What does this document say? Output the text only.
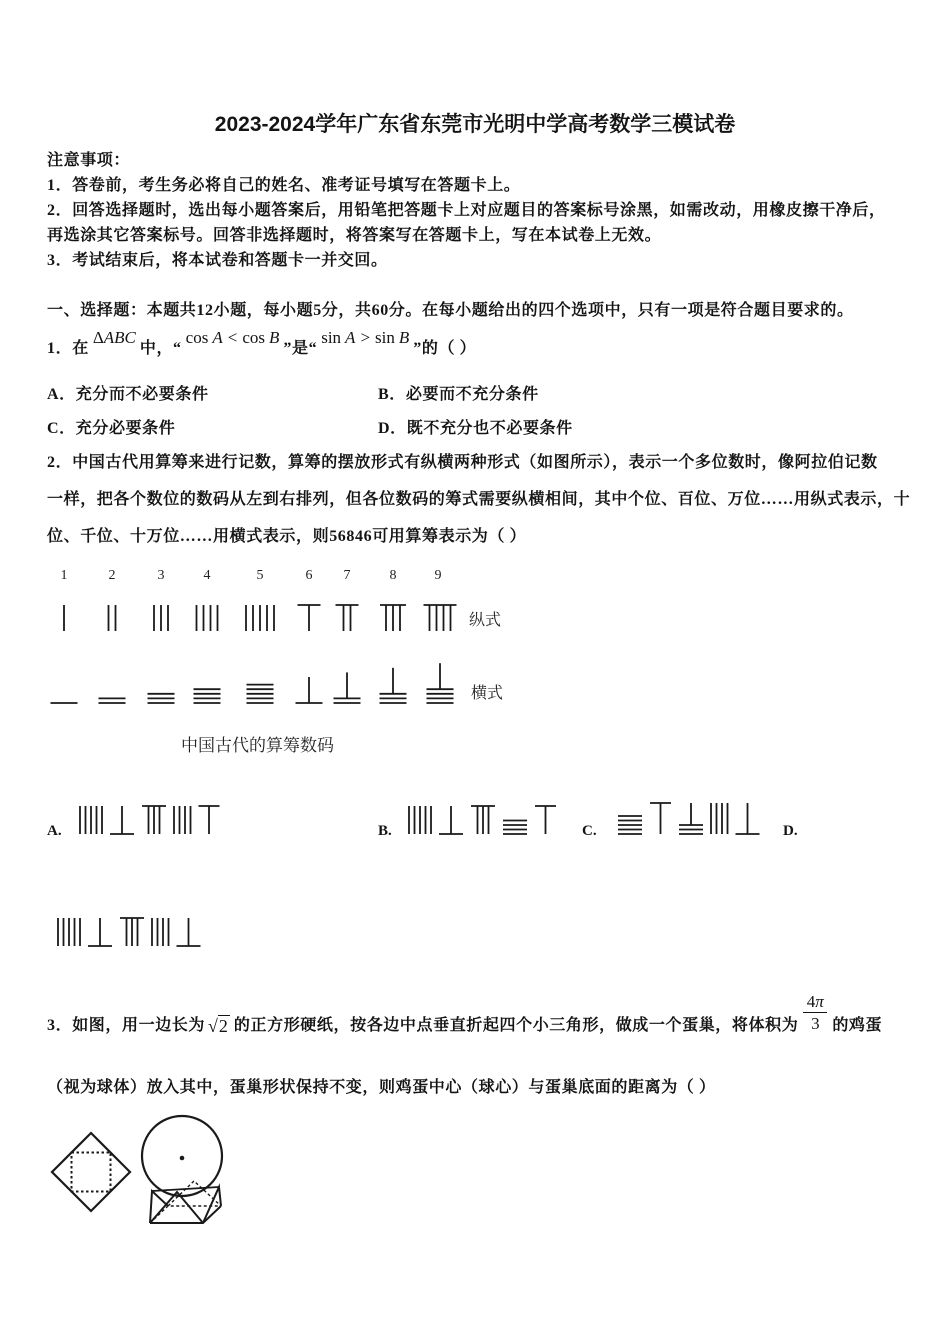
2023-2024学年广东省东莞市光明中学高考数学三模试卷
注意事项：
1．答卷前，考生务必将自己的姓名、准考证号填写在答题卡上。
2．回答选择题时，选出每小题答案后，用铅笔把答题卡上对应题目的答案标号涂黑，如需改动，用橡皮擦干净后，
再选涂其它答案标号。回答非选择题时，将答案写在答题卡上，写在本试卷上无效。
3．考试结束后，将本试卷和答题卡一并交回。
一、选择题：本题共12小题，每小题5分，共60分。在每小题给出的四个选项中，只有一项是符合题目要求的。
1．在ΔABC中，“cos A < cos B”是“sin A > sin B”的（ ）
A．充分而不必要条件	B．必要而不充分条件
C．充分必要条件	D．既不充分也不必要条件
2．中国古代用算筹来进行记数，算筹的摆放形式有纵横两种形式（如图所示），表示一个多位数时，像阿拉伯记数
一样，把各个数位的数码从左到右排列，但各位数码的筹式需要纵横相间，其中个位、百位、万位……用纵式表示，十
位、千位、十万位……用横式表示，则56846可用算筹表示为（ ）
1	2	3	4	5	6	7	8	9
纵式
横式
中国古代的算筹数码
A.	B.	C.	D.
3．如图，用一边长为 √2 的正方形硬纸，按各边中点垂直折起四个小三角形，做成一个蛋巢，将体积为 $\frac{4\pi}{3}$ 的鸡蛋
（视为球体）放入其中，蛋巢形状保持不变，则鸡蛋中心（球心）与蛋巢底面的距离为（ ）
